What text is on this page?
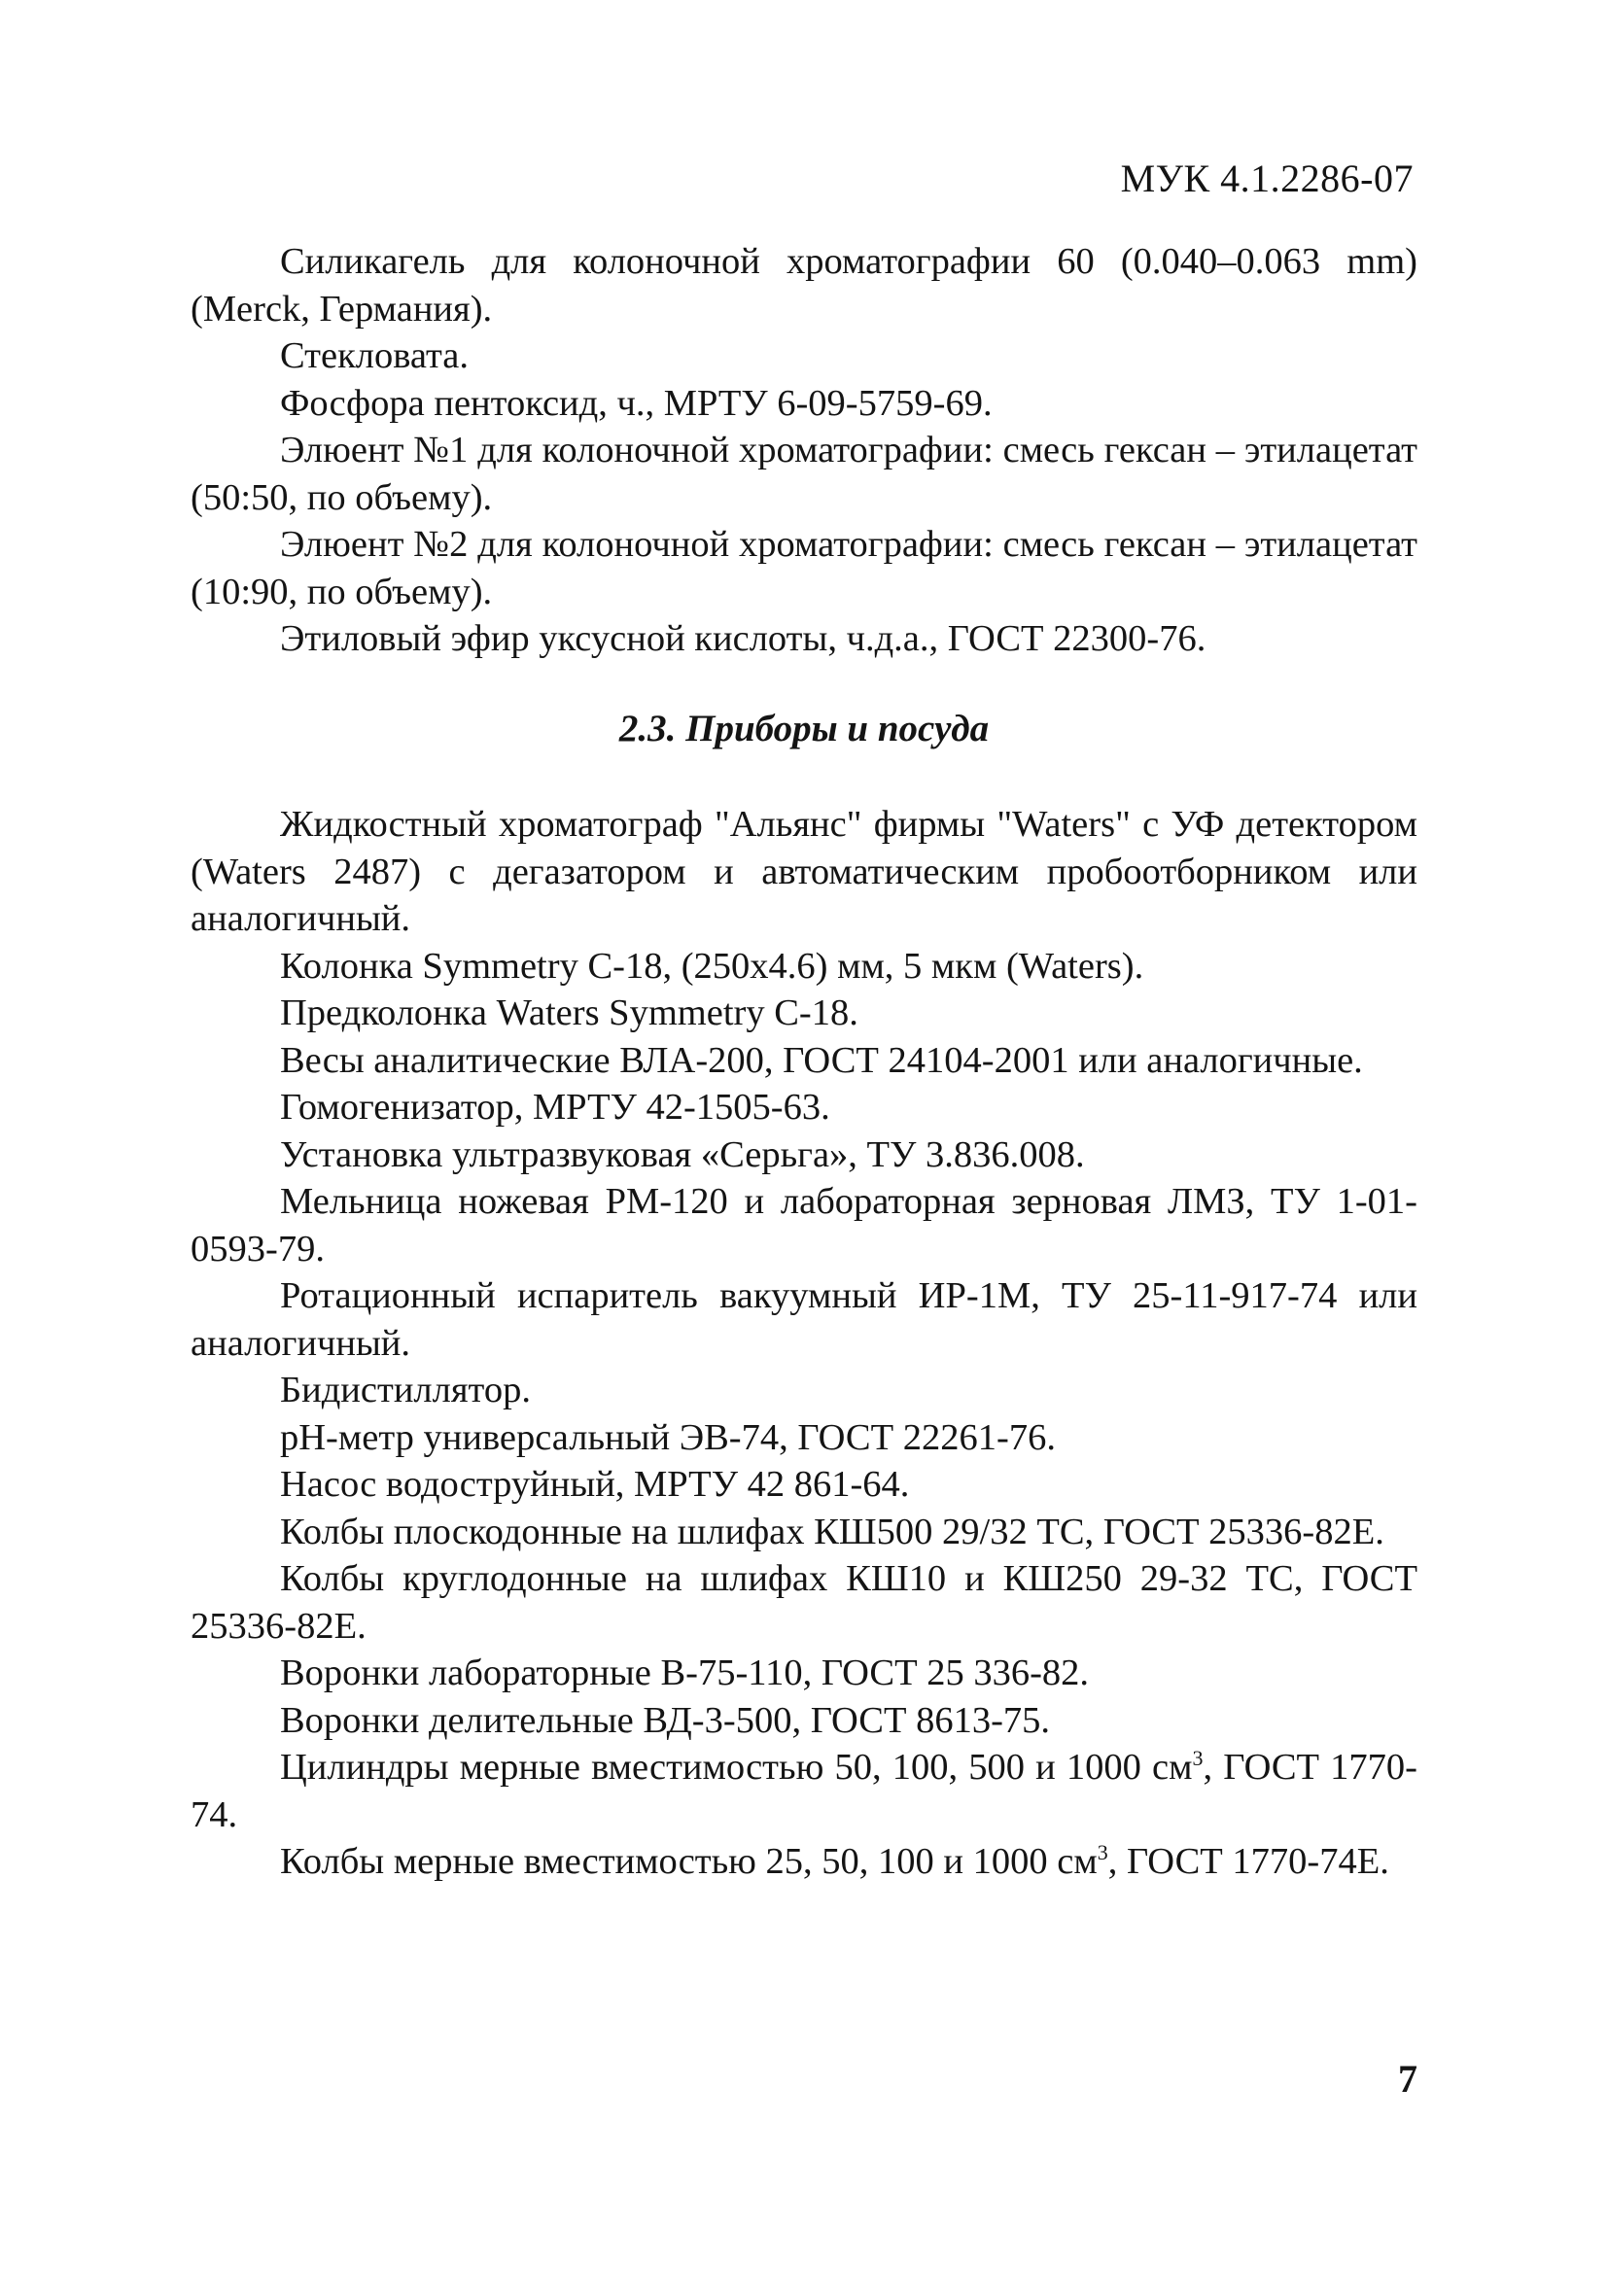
МУК 4.1.2286-07

Силикагель для колоночной хроматографии 60 (0.040–0.063 mm) (Merck, Германия).

Стекловата.

Фосфора пентоксид, ч., МРТУ 6-09-5759-69.

Элюент №1 для колоночной хроматографии: смесь гексан – этилацетат (50:50, по объему).

Элюент №2 для колоночной хроматографии: смесь гексан – этилацетат (10:90, по объему).

Этиловый эфир уксусной кислоты, ч.д.а., ГОСТ 22300-76.

2.3. Приборы и посуда

Жидкостный хроматограф "Альянс" фирмы "Waters" с УФ детектором (Waters 2487) с дегазатором и автоматическим пробоотборником или аналогичный.

Колонка Symmetry C-18, (250x4.6) мм, 5 мкм (Waters).

Предколонка Waters Symmetry C-18.

Весы аналитические ВЛА-200, ГОСТ 24104-2001 или аналогичные.

Гомогенизатор, МРТУ 42-1505-63.

Установка ультразвуковая «Серьга», ТУ 3.836.008.

Мельница ножевая РМ-120 и лабораторная зерновая ЛМЗ, ТУ 1-01-0593-79.

Ротационный испаритель вакуумный ИР-1М, ТУ 25-11-917-74 или аналогичный.

Бидистиллятор.

pH-метр универсальный ЭВ-74, ГОСТ 22261-76.

Насос водоструйный, МРТУ 42 861-64.

Колбы плоскодонные на шлифах КШ500 29/32 ТС, ГОСТ 25336-82Е.

Колбы круглодонные на шлифах КШ10 и КШ250 29-32 ТС, ГОСТ 25336-82Е.

Воронки лабораторные В-75-110, ГОСТ 25 336-82.

Воронки делительные ВД-3-500, ГОСТ 8613-75.

Цилиндры мерные вместимостью 50, 100, 500 и 1000 $см^3$, ГОСТ 1770-74.

Колбы мерные вместимостью 25, 50, 100 и 1000 $см^3$, ГОСТ 1770-74Е.

7
